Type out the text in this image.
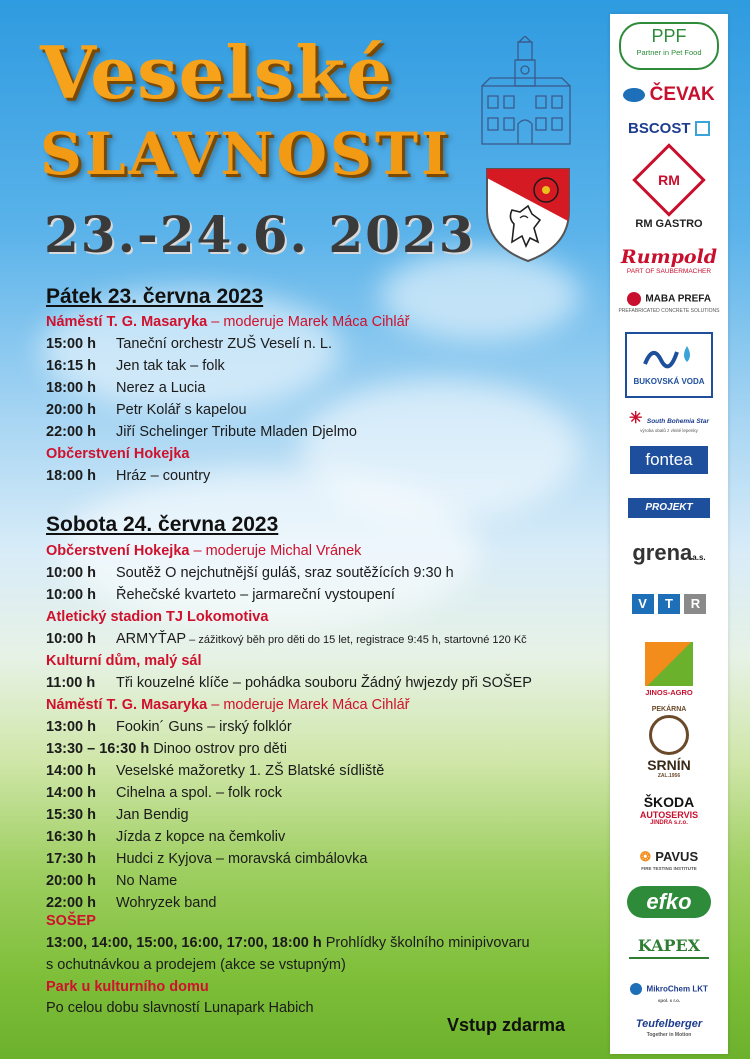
Veselské
SLAVNOSTI
23.-24.6. 2023
Pátek 23. června 2023
Náměstí T. G. Masaryka – moderuje Marek Máca Cihlář
15:00 h Taneční orchestr ZUŠ Veselí n. L.
16:15 h Jen tak tak – folk
18:00 h Nerez a Lucia
20:00 h Petr Kolář s kapelou
22:00 h Jiří Schelinger Tribute Mladen Djelmo
Občerstvení Hokejka
18:00 h Hráz – country
Sobota 24. června 2023
Občerstvení Hokejka – moderuje Michal Vránek
10:00 h Soutěž O nejchutnější guláš, sraz soutěžících 9:30 h
10:00 h Řehečské kvarteto – jarmareční vystoupení
Atletický stadion TJ Lokomotiva
10:00 h ARMYŤAP – zážitkový běh pro děti do 15 let, registrace 9:45 h, startovné 120 Kč
Kulturní dům, malý sál
11:00 h Tři kouzelné klíče – pohádka souboru Žádný hwjezdy při SOŠEP
Náměstí T. G. Masaryka – moderuje Marek Máca Cihlář
13:00 h Fookin´ Guns – irský folklór
13:30 – 16:30 h Dinoo ostrov pro děti
14:00 h Veselské mažoretky 1. ZŠ Blatské sídliště
14:00 h Cihelna a spol. – folk rock
15:30 h Jan Bendig
16:30 h Jízda z kopce na čemkoliv
17:30 h Hudci z Kyjova – moravská cimbálovka
20:00 h No Name
22:00 h Wohryzek band
SOŠEP
13:00, 14:00, 15:00, 16:00, 17:00, 18:00 h Prohlídky školního minipivovaru
s ochutnávkou a prodejem (akce se vstupným)
Park u kulturního domu
Po celou dobu slavností Lunapark Habich
Vstup zdarma
PPF
Partner in Pet Food
ČEVAK
BSCOST
RM
RM GASTRO
Rumpold
PART OF SAUBERMACHER
MABA PREFA
PREFABRICATED CONCRETE SOLUTIONS
BUKOVSKÁ VODA
✳ South Bohemia Star
výroba obalů z vlnité lepenky
fontea
PROJEKT
grenaa.s.
V T R
JINOS-AGRO
PEKÁRNA
SRNÍN
ZAL.1956
ŠKODA
AUTOSERVIS
JINDRA s.r.o.
❂ PAVUS
FIRE TESTING INSTITUTE
efko
KAPEX
MikroChem LKT
spol. s r.o.
Teufelberger
Together in Motion
